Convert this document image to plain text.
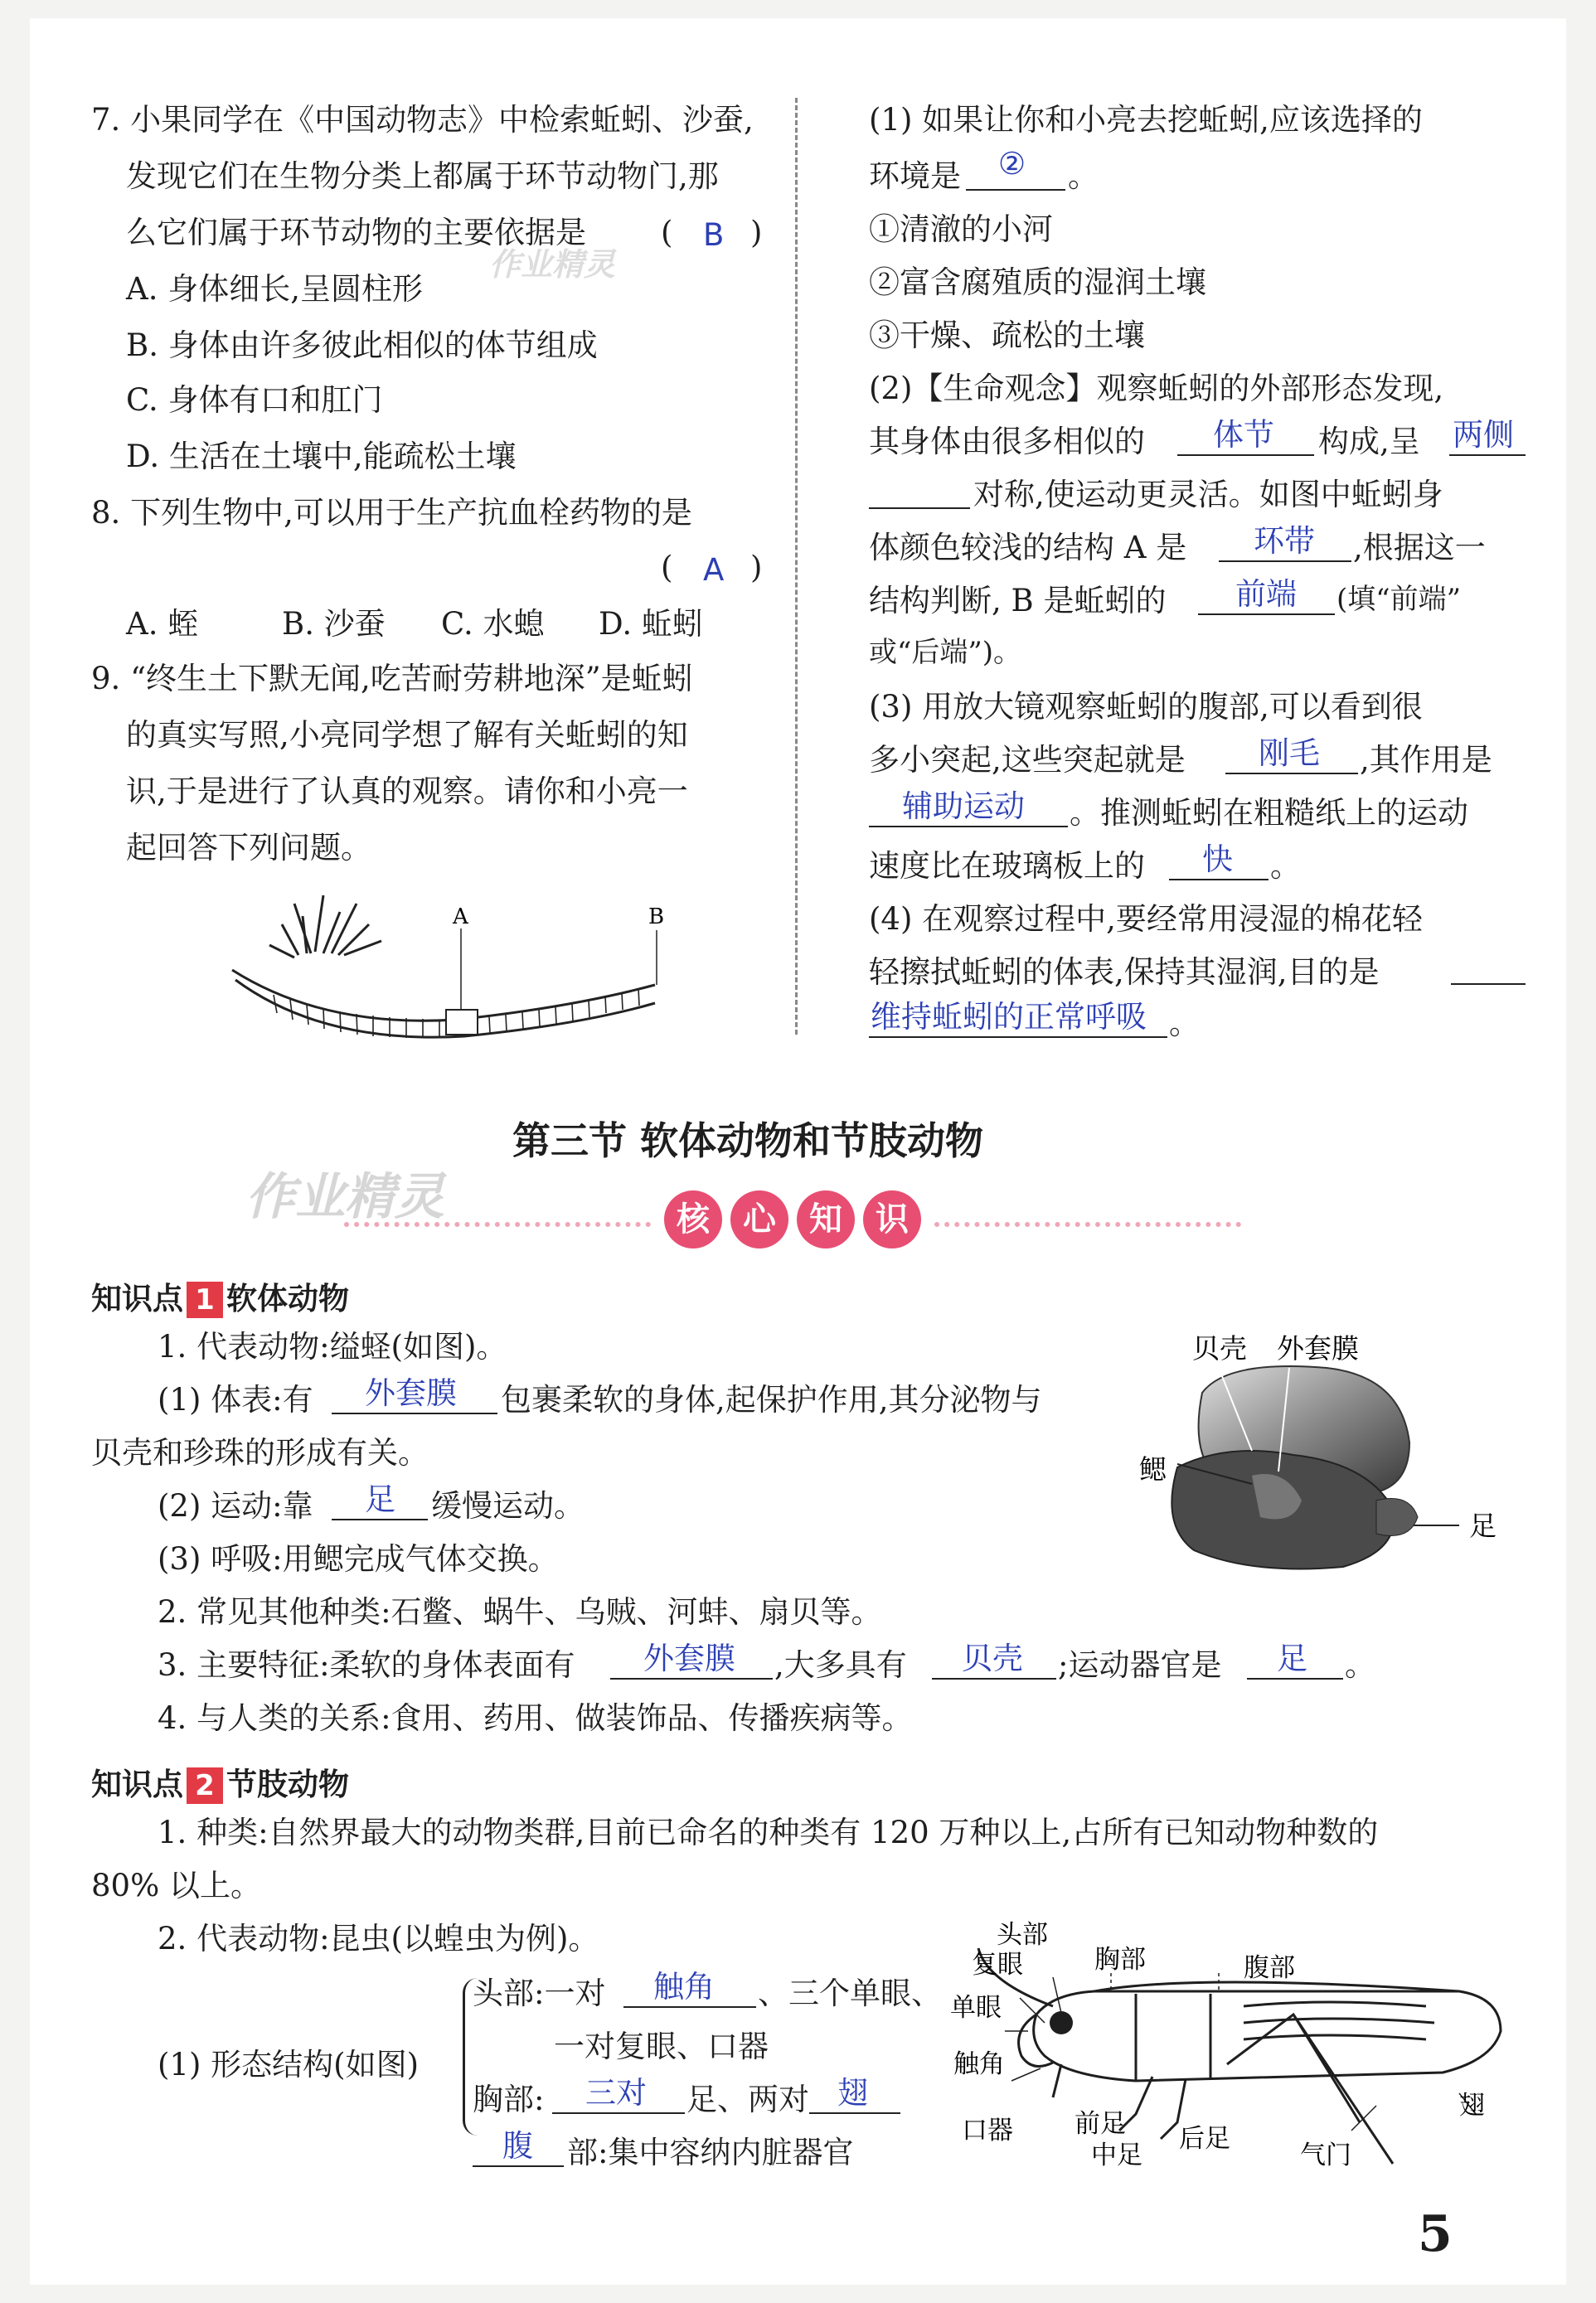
7. 小果同学在《中国动物志》中检索蚯蚓、沙蚕,
发现它们在生物分类上都属于环节动物门,那
么它们属于环节动物的主要依据是 ( B )
A. 身体细长,呈圆柱形
B. 身体由许多彼此相似的体节组成
C. 身体有口和肛门
D. 生活在土壤中,能疏松土壤
8. 下列生物中,可以用于生产抗血栓药物的是
( A )
A. 蛭	B. 沙蚕 C. 水螅 D. 蚯蚓
9. “终生土下默无闻,吃苦耐劳耕地深”是蚯蚓
的真实写照,小亮同学想了解有关蚯蚓的知
识,于是进行了认真的观察。请你和小亮一
起回答下列问题。
A	B
(1) 如果让你和小亮去挖蚯蚓,应该选择的
环境是 ② 。
①清澈的小河
②富含腐殖质的湿润土壤
③干燥、疏松的土壤
(2)【生命观念】观察蚯蚓的外部形态发现,
其身体由很多相似的 体节 构成,呈 两侧
对称,使运动更灵活。如图中蚯蚓身
体颜色较浅的结构 A 是 环带 ,根据这一
结构判断, B 是蚯蚓的 前端 (填“前端”
或“后端”)。
(3) 用放大镜观察蚯蚓的腹部,可以看到很
多小突起,这些突起就是 刚毛 ,其作用是
辅助运动 。推测蚯蚓在粗糙纸上的运动
速度比在玻璃板上的 快 。
(4) 在观察过程中,要经常用浸湿的棉花轻
轻擦拭蚯蚓的体表,保持其湿润,目的是
维持蚯蚓的正常呼吸 。
第三节 软体动物和节肢动物
作业精灵
作业精灵
核	心	知	识
知识点 1 软体动物
1. 代表动物:缢蛏(如图)。
(1) 体表:有 外套膜 包裹柔软的身体,起保护作用,其分泌物与
贝壳和珍珠的形成有关。
(2) 运动:靠 足 缓慢运动。
(3) 呼吸:用鳃完成气体交换。
2. 常见其他种类:石鳖、蜗牛、乌贼、河蚌、扇贝等。
3. 主要特征:柔软的身体表面有 外套膜 ,大多具有 贝壳 ;运动器官是 足 。
4. 与人类的关系:食用、药用、做装饰品、传播疾病等。
贝壳 外套膜
鳃
足
知识点 2 节肢动物
1. 种类:自然界最大的动物类群,目前已命名的种类有 120 万种以上,占所有已知动物种数的
80% 以上。
2. 代表动物:昆虫(以蝗虫为例)。
(1) 形态结构(如图)
头部:一对 触角 、三个单眼、
一对复眼、口器
胸部: 三对 足、两对 翅
腹 部:集中容纳内脏器官
头部
复眼	胸部	腹部
单眼
触角
口器 前足
中足
后足
气门
翅
5
